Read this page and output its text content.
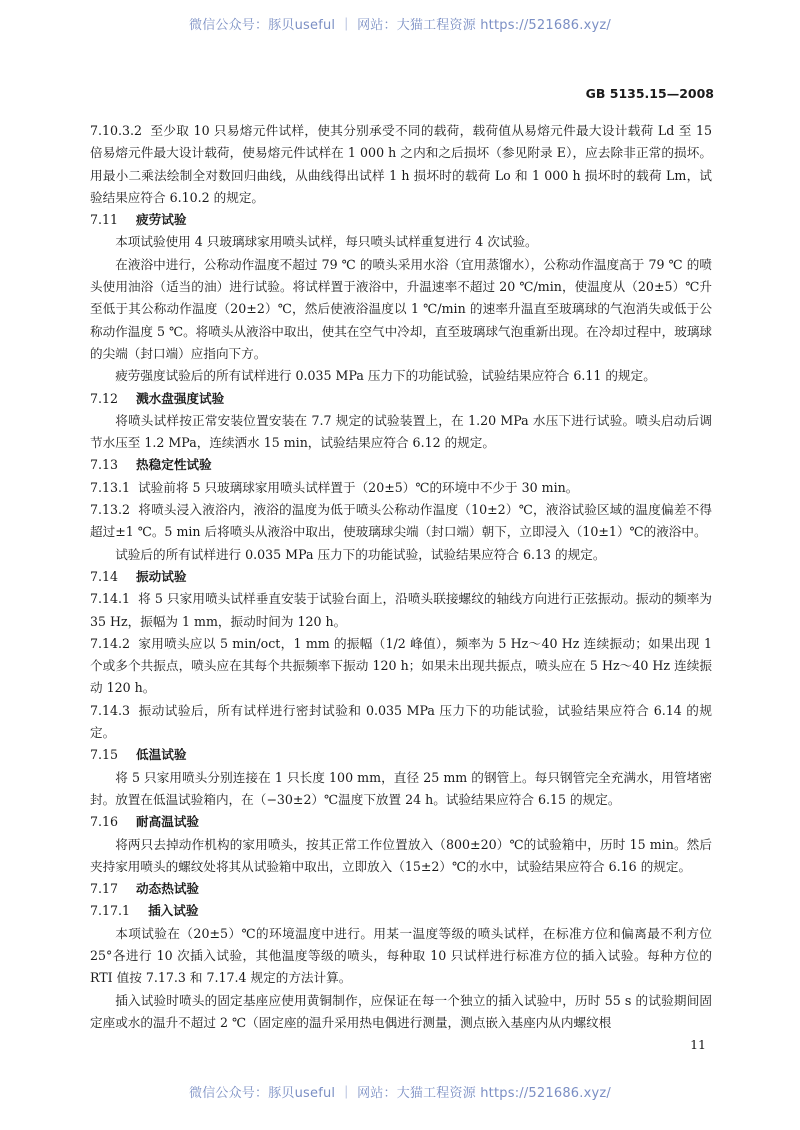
微信公众号：豚贝useful ｜ 网站：大猫工程资源 https://521686.xyz/
GB 5135.15—2008

7.10.3.2 至少取 10 只易熔元件试样，使其分别承受不同的载荷，载荷值从易熔元件最大设计载荷 Ld 至 15 倍易熔元件最大设计载荷，使易熔元件试样在 1 000 h 之内和之后损坏（参见附录 E），应去除非正常的损坏。用最小二乘法绘制全对数回归曲线，从曲线得出试样 1 h 损坏时的载荷 Lo 和 1 000 h 损坏时的载荷 Lm，试验结果应符合 6.10.2 的规定。

7.11 疲劳试验

本项试验使用 4 只玻璃球家用喷头试样，每只喷头试样重复进行 4 次试验。

在液浴中进行，公称动作温度不超过 79 ℃ 的喷头采用水浴（宜用蒸馏水），公称动作温度高于 79 ℃ 的喷头使用油浴（适当的油）进行试验。将试样置于液浴中，升温速率不超过 20 ℃/min，使温度从（20±5）℃升至低于其公称动作温度（20±2）℃，然后使液浴温度以 1 ℃/min 的速率升温直至玻璃球的气泡消失或低于公称动作温度 5 ℃。将喷头从液浴中取出，使其在空气中冷却，直至玻璃球气泡重新出现。在冷却过程中，玻璃球的尖端（封口端）应指向下方。

疲劳强度试验后的所有试样进行 0.035 MPa 压力下的功能试验，试验结果应符合 6.11 的规定。

7.12 溅水盘强度试验

将喷头试样按正常安装位置安装在 7.7 规定的试验装置上，在 1.20 MPa 水压下进行试验。喷头启动后调节水压至 1.2 MPa，连续洒水 15 min，试验结果应符合 6.12 的规定。

7.13 热稳定性试验

7.13.1 试验前将 5 只玻璃球家用喷头试样置于（20±5）℃的环境中不少于 30 min。

7.13.2 将喷头浸入液浴内，液浴的温度为低于喷头公称动作温度（10±2）℃，液浴试验区域的温度偏差不得超过±1 ℃。5 min 后将喷头从液浴中取出，使玻璃球尖端（封口端）朝下，立即浸入（10±1）℃的液浴中。

试验后的所有试样进行 0.035 MPa 压力下的功能试验，试验结果应符合 6.13 的规定。

7.14 振动试验

7.14.1 将 5 只家用喷头试样垂直安装于试验台面上，沿喷头联接螺纹的轴线方向进行正弦振动。振动的频率为 35 Hz，振幅为 1 mm，振动时间为 120 h。

7.14.2 家用喷头应以 5 min/oct，1 mm 的振幅（1/2 峰值），频率为 5 Hz～40 Hz 连续振动；如果出现 1 个或多个共振点，喷头应在其每个共振频率下振动 120 h；如果未出现共振点，喷头应在 5 Hz～40 Hz 连续振动 120 h。

7.14.3 振动试验后，所有试样进行密封试验和 0.035 MPa 压力下的功能试验，试验结果应符合 6.14 的规定。

7.15 低温试验

将 5 只家用喷头分别连接在 1 只长度 100 mm，直径 25 mm 的钢管上。每只钢管完全充满水，用管堵密封。放置在低温试验箱内，在（−30±2）℃温度下放置 24 h。试验结果应符合 6.15 的规定。

7.16 耐高温试验

将两只去掉动作机构的家用喷头，按其正常工作位置放入（800±20）℃的试验箱中，历时 15 min。然后夹持家用喷头的螺纹处将其从试验箱中取出，立即放入（15±2）℃的水中，试验结果应符合 6.16 的规定。

7.17 动态热试验

7.17.1 插入试验

本项试验在（20±5）℃的环境温度中进行。用某一温度等级的喷头试样，在标准方位和偏离最不利方位 25°各进行 10 次插入试验，其他温度等级的喷头，每种取 10 只试样进行标准方位的插入试验。每种方位的 RTI 值按 7.17.3 和 7.17.4 规定的方法计算。

插入试验时喷头的固定基座应使用黄铜制作，应保证在每一个独立的插入试验中，历时 55 s 的试验期间固定座或水的温升不超过 2 ℃（固定座的温升采用热电偶进行测量，测点嵌入基座内从内螺纹根

11
微信公众号：豚贝useful ｜ 网站：大猫工程资源 https://521686.xyz/
